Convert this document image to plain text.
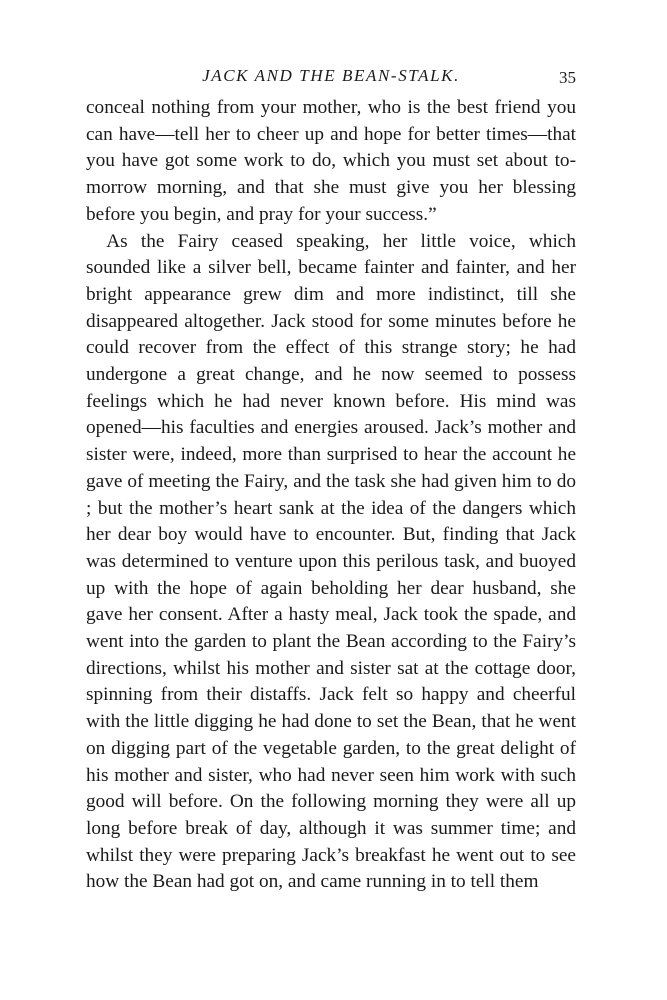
JACK AND THE BEAN-STALK.	35

conceal nothing from your mother, who is the best friend you can have—tell her to cheer up and hope for better times—that you have got some work to do, which you must set about to-morrow morning, and that she must give you her blessing before you begin, and pray for your success.”

As the Fairy ceased speaking, her little voice, which sounded like a silver bell, became fainter and fainter, and her bright appearance grew dim and more indistinct, till she disappeared altogether. Jack stood for some minutes before he could recover from the effect of this strange story; he had undergone a great change, and he now seemed to possess feelings which he had never known before. His mind was opened—his faculties and energies aroused. Jack’s mother and sister were, indeed, more than surprised to hear the account he gave of meeting the Fairy, and the task she had given him to do ; but the mother’s heart sank at the idea of the dangers which her dear boy would have to encounter. But, finding that Jack was determined to venture upon this perilous task, and buoyed up with the hope of again beholding her dear husband, she gave her consent. After a hasty meal, Jack took the spade, and went into the garden to plant the Bean according to the Fairy’s directions, whilst his mother and sister sat at the cottage door, spinning from their distaffs. Jack felt so happy and cheerful with the little digging he had done to set the Bean, that he went on digging part of the vegetable garden, to the great delight of his mother and sister, who had never seen him work with such good will before. On the following morning they were all up long before break of day, although it was summer time; and whilst they were preparing Jack’s breakfast he went out to see how the Bean had got on, and came running in to tell them
